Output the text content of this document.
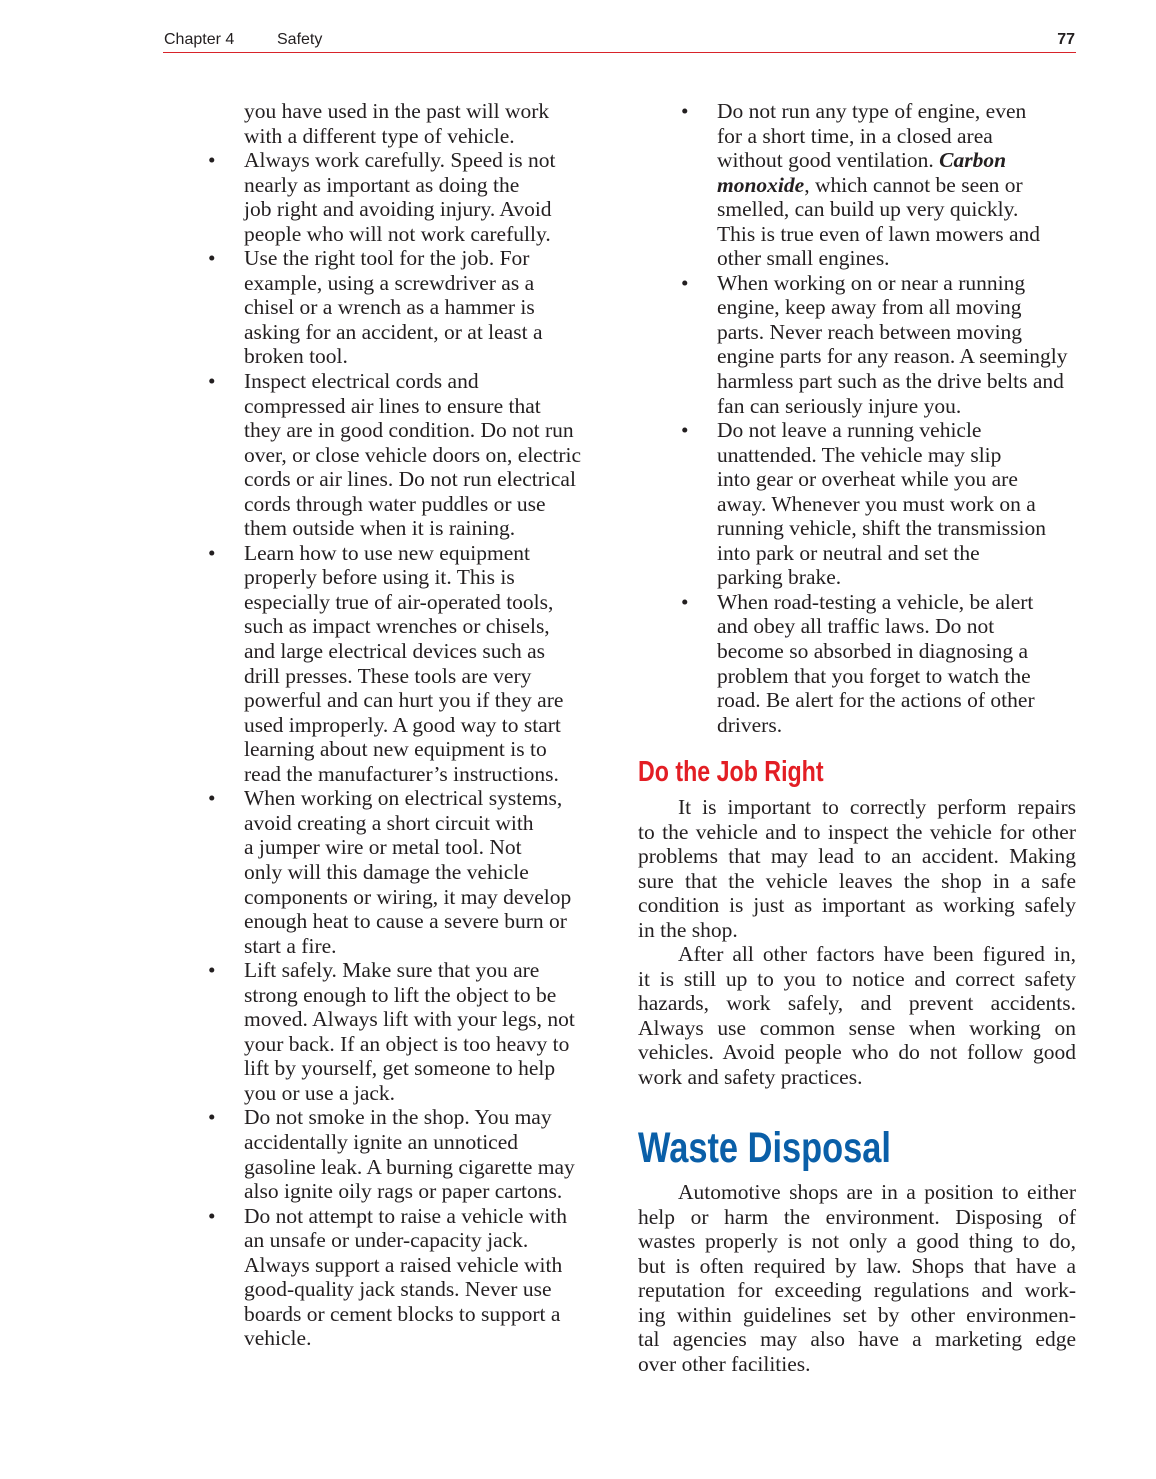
Chapter 4	Safety	77
you have used in the past will work
with a different type of vehicle.
• Always work carefully. Speed is not
nearly as important as doing the
job right and avoiding injury. Avoid
people who will not work carefully.
• Use the right tool for the job. For
example, using a screwdriver as a
chisel or a wrench as a hammer is
asking for an accident, or at least a
broken tool.
• Inspect electrical cords and
compressed air lines to ensure that
they are in good condition. Do not run
over, or close vehicle doors on, electric
cords or air lines. Do not run electrical
cords through water puddles or use
them outside when it is raining.
• Learn how to use new equipment
properly before using it. This is
especially true of air-operated tools,
such as impact wrenches or chisels,
and large electrical devices such as
drill presses. These tools are very
powerful and can hurt you if they are
used improperly. A good way to start
learning about new equipment is to
read the manufacturer’s instructions.
• When working on electrical systems,
avoid creating a short circuit with
a jumper wire or metal tool. Not
only will this damage the vehicle
components or wiring, it may develop
enough heat to cause a severe burn or
start a fire.
• Lift safely. Make sure that you are
strong enough to lift the object to be
moved. Always lift with your legs, not
your back. If an object is too heavy to
lift by yourself, get someone to help
you or use a jack.
• Do not smoke in the shop. You may
accidentally ignite an unnoticed
gasoline leak. A burning cigarette may
also ignite oily rags or paper cartons.
• Do not attempt to raise a vehicle with
an unsafe or under-capacity jack.
Always support a raised vehicle with
good-quality jack stands. Never use
boards or cement blocks to support a
vehicle.
• Do not run any type of engine, even
for a short time, in a closed area
without good ventilation. Carbon
monoxide, which cannot be seen or
smelled, can build up very quickly.
This is true even of lawn mowers and
other small engines.
• When working on or near a running
engine, keep away from all moving
parts. Never reach between moving
engine parts for any reason. A seemingly
harmless part such as the drive belts and
fan can seriously injure you.
• Do not leave a running vehicle
unattended. The vehicle may slip
into gear or overheat while you are
away. Whenever you must work on a
running vehicle, shift the transmission
into park or neutral and set the
parking brake.
• When road-testing a vehicle, be alert
and obey all traffic laws. Do not
become so absorbed in diagnosing a
problem that you forget to watch the
road. Be alert for the actions of other
drivers.
Do the Job Right
It is important to correctly perform repairs
to the vehicle and to inspect the vehicle for other
problems that may lead to an accident. Making
sure that the vehicle leaves the shop in a safe
condition is just as important as working safely
in the shop.
After all other factors have been figured in,
it is still up to you to notice and correct safety
hazards, work safely, and prevent accidents.
Always use common sense when working on
vehicles. Avoid people who do not follow good
work and safety practices.
Waste Disposal
Automotive shops are in a position to either
help or harm the environment. Disposing of
wastes properly is not only a good thing to do,
but is often required by law. Shops that have a
reputation for exceeding regulations and work-
ing within guidelines set by other environmen-
tal agencies may also have a marketing edge
over other facilities.
